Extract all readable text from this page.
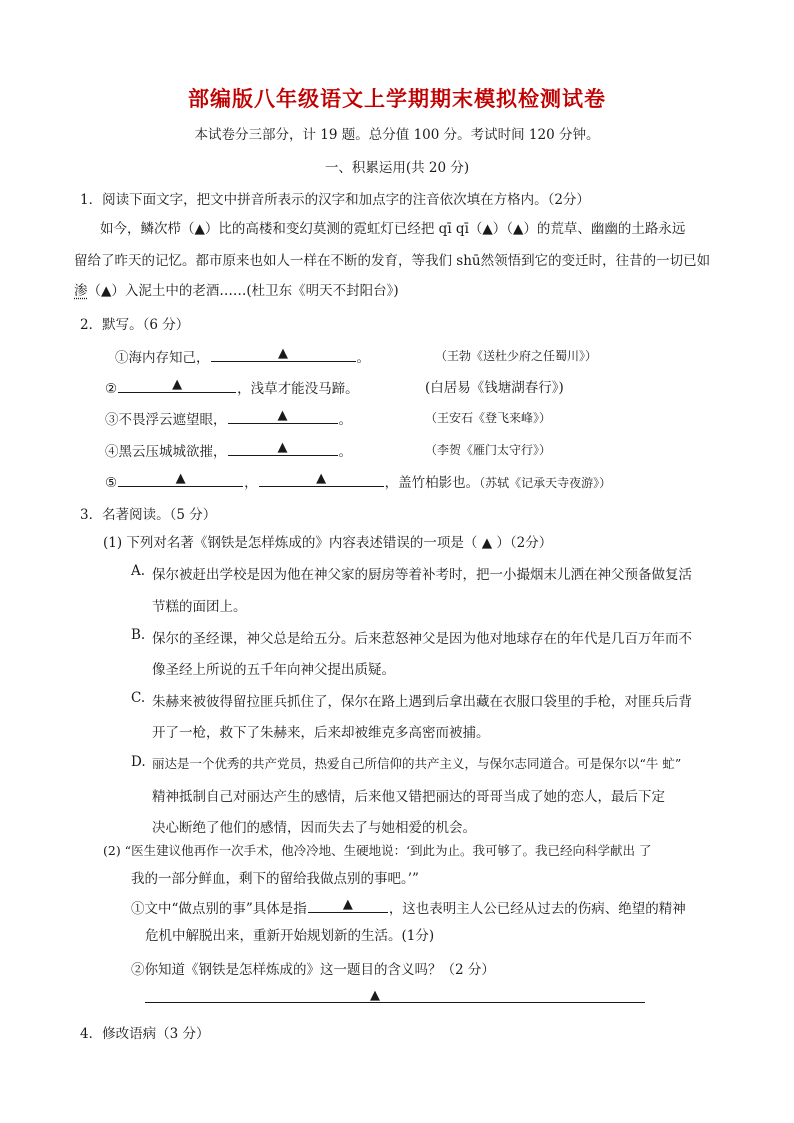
部编版八年级语文上学期期末模拟检测试卷
本试卷分三部分，计 19 题。总分值 100 分。考试时间 120 分钟。
一、积累运用(共 20 分)
1．阅读下面文字，把文中拼音所表示的汉字和加点字的注音依次填在方格内。（2分）
如今，鳞次栉（▲）比的高楼和变幻莫测的霓虹灯已经把 qī qī（▲）（▲）的荒草、幽幽的土路永远
留给了昨天的记忆。都市原来也如人一样在不断的发育，等我们 shū然领悟到它的变迁时，往昔的一切已如
渗（▲）入泥土中的老酒……(杜卫东《明天不封阳台》)
2．默写。（6 分）
①海内存知己，	▲	。	（王勃《送杜少府之任蜀川》）
②	▲	，浅草才能没马蹄。	(白居易《钱塘湖春行》)
③不畏浮云遮望眼，	▲	。	（王安石《登飞来峰》）
④黑云压城城欲摧，	▲	。	（李贺《雁门太守行》）
⑤	▲	，	▲	，盖竹柏影也。（苏轼《记承天寺夜游》）
3．名著阅读。（5 分）
(1) 下列对名著《钢铁是怎样炼成的》内容表述错误的一项是（ ▲ ）（2分）
A. 保尔被赶出学校是因为他在神父家的厨房等着补考时，把一小撮烟末儿洒在神父预备做复活
节糕的面团上。
B. 保尔的圣经课，神父总是给五分。后来惹怒神父是因为他对地球存在的年代是几百万年而不
像圣经上所说的五千年向神父提出质疑。
C. 朱赫来被彼得留拉匪兵抓住了，保尔在路上遇到后拿出藏在衣服口袋里的手枪，对匪兵后背
开了一枪，救下了朱赫来，后来却被维克多高密而被捕。
D. 丽达是一个优秀的共产党员，热爱自己所信仰的共产主义，与保尔志同道合。可是保尔以“牛 虻”
精神抵制自己对丽达产生的感情，后来他又错把丽达的哥哥当成了她的恋人，最后下定
决心断绝了他们的感情，因而失去了与她相爱的机会。
(2) “医生建议他再作一次手术，他冷冷地、生硬地说：‘到此为止。我可够了。我已经向科学献出 了
我的一部分鲜血，剩下的留给我做点别的事吧。’”
①文中“做点别的事”具体是指	▲	，这也表明主人公已经从过去的伤病、绝望的精神
危机中解脱出来，重新开始规划新的生活。(1分)
②你知道《钢铁是怎样炼成的》这一题目的含义吗？（2 分）
▲
4．修改语病（3 分）
